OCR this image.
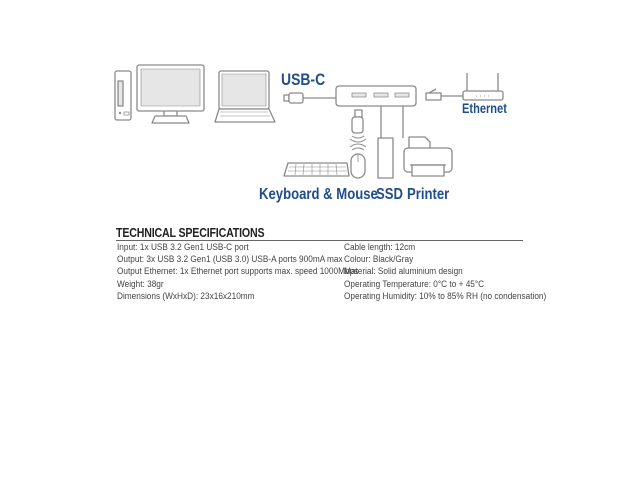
USB-C
Ethernet
Keyboard & Mouse
SSD Printer
TECHNICAL SPECIFICATIONS
Input: 1x USB 3.2 Gen1 USB-C port
Output: 3x USB 3.2 Gen1 (USB 3.0) USB-A ports 900mA max
Output Ethernet: 1x Ethernet port supports max. speed 1000Mbps
Weight: 38gr
Dimensions (WxHxD): 23x16x210mm
Cable length: 12cm
Colour: Black/Gray
Material: Solid aluminium design
Operating Temperature: 0°C to + 45°C
Operating Humidity: 10% to 85% RH (no condensation)
